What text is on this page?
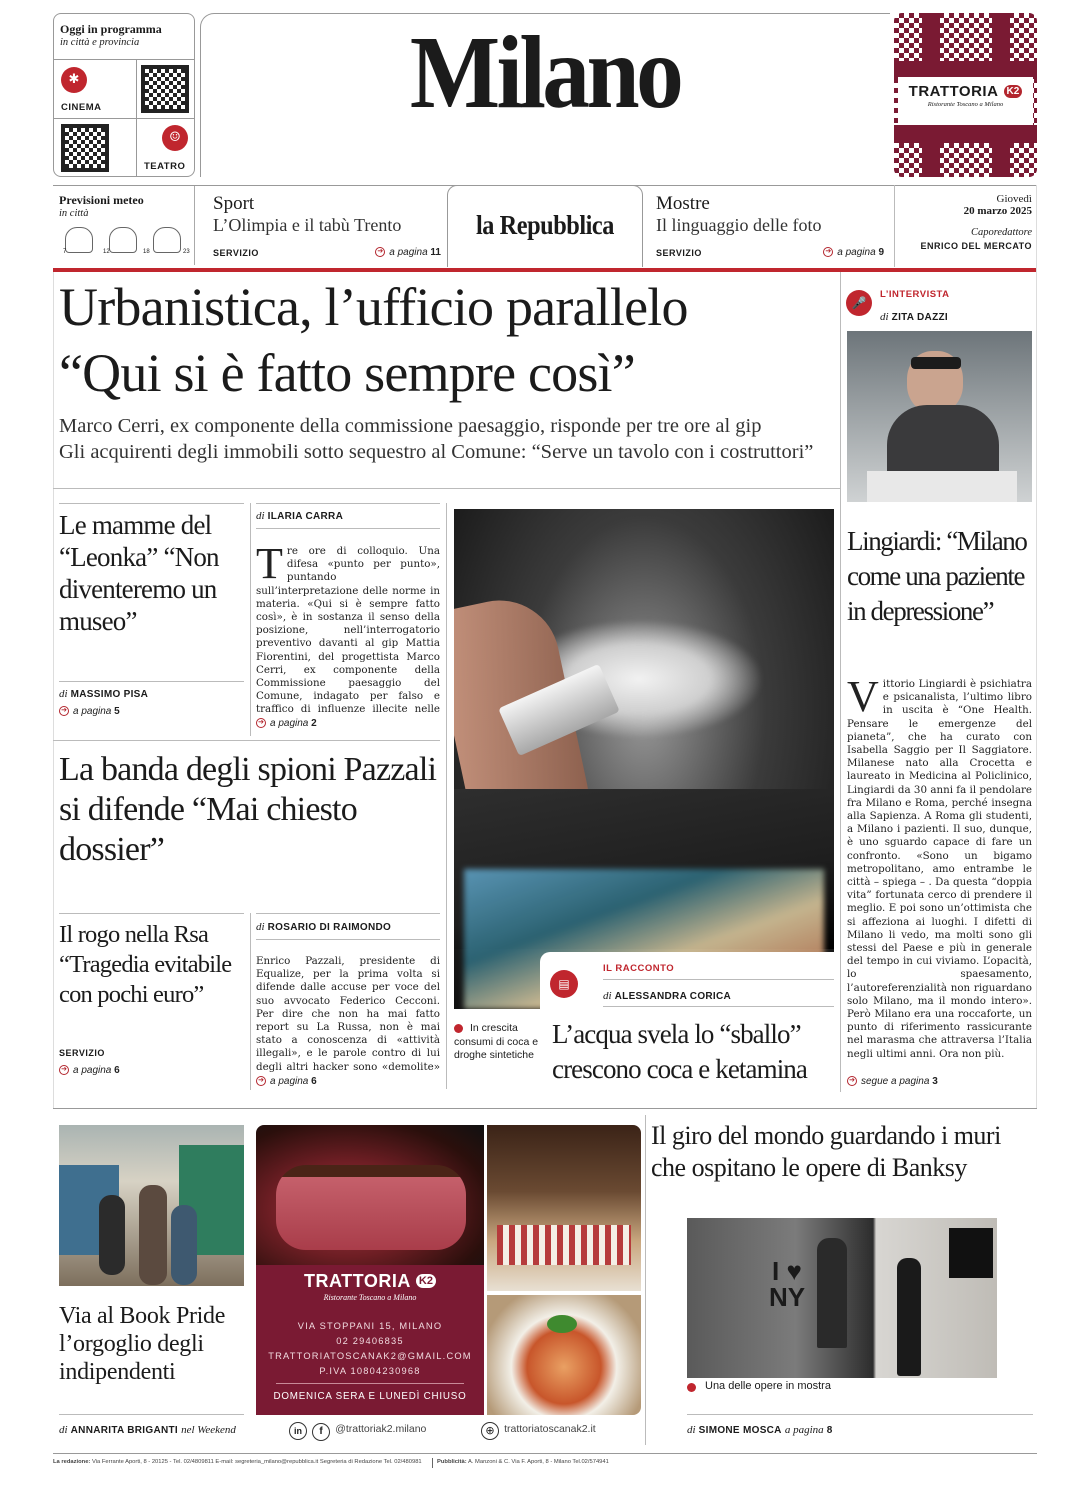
Oggi in programma
in città e provincia
✱
CINEMA
☺
TEATRO
Milano	TRATTORIA K2
Ristorante Toscano a Milano
Previsioni meteo
in città
7	12	18	23
Sport
L’Olimpia e il tabù Trento
SERVIZIO	➔ a pagina 11
la Repubblica
Mostre
Il linguaggio delle foto
SERVIZIO	➔ a pagina 9
Giovedì
20 marzo 2025
Caporedattore
ENRICO DEL MERCATO
Urbanistica, l’ufficio parallelo
“Qui si è fatto sempre così”
Marco Cerri, ex componente della commissione paesaggio, risponde per tre ore al gip
Gli acquirenti degli immobili sotto sequestro al Comune: “Serve un tavolo con i costruttori”
🎤
L’INTERVISTA
di ZITA DAZZI
Lingiardi: “Milano come una paziente in depressione”
Vittorio Lingiardi è psichiatra e psicanalista, l’ultimo libro in uscita è “One Health. Pensare le emergenze del pianeta”, che ha curato con Isabella Saggio per Il Saggiatore. Milanese nato alla Crocetta e laureato in Medicina al Policlinico, Lingiardi da 30 anni fa il pendolare fra Milano e Roma, perché insegna alla Sapienza. A Roma gli studenti, a Milano i pazienti. Il suo, dunque, è uno sguardo capace di fare un confronto. «Sono un bigamo metropolitano, amo entrambe le città – spiega – . Da questa “doppia vita” fortunata cerco di prendere il meglio. E poi sono un’ottimista che si affeziona ai luoghi. I difetti di Milano li vedo, ma molti sono gli stessi del Paese e più in generale del tempo in cui viviamo. L’opacità, lo spaesamento, l’autoreferenzialità non riguardano solo Milano, ma il mondo intero». Però Milano era una roccaforte, un punto di riferimento rassicurante nel marasma che attraversa l’Italia negli ultimi anni. Ora non più.
➔ segue a pagina 3
Le mamme del “Leonka” “Non diventeremo un museo”
di MASSIMO PISA
➔ a pagina 5
di ILARIA CARRA
Tre ore di colloquio. Una difesa «punto per punto», puntando sull’interpretazione delle norme in materia. «Qui si è sempre fatto così», è in sostanza il senso della posizione, nell’interrogatorio preventivo davanti al gip Mattia Fiorentini, del progettista Marco Cerri, ex componente della Commissione paesaggio del Comune, indagato per falso e traffico di influenze illecite nelle
➔ a pagina 2
La banda degli spioni Pazzali si difende “Mai chiesto dossier”
Il rogo nella Rsa “Tragedia evitabile con pochi euro”
SERVIZIO
➔ a pagina 6
di ROSARIO DI RAIMONDO
Enrico Pazzali, presidente di Equalize, per la prima volta si difende dalle accuse per voce del suo avvocato Federico Cecconi. Per dire che non ha mai fatto report su La Russa, non è mai stato a conoscenza di «attività illegali», e le parole contro di lui degli altri hacker sono «demolite»
➔ a pagina 6
▤
IL RACCONTO
di ALESSANDRA CORICA
In crescita consumi di coca e droghe sintetiche
L’acqua svela lo “sballo” crescono coca e ketamina
Via al Book Pride l’orgoglio degli indipendenti
di ANNARITA BRIGANTI nel Weekend
TRATTORIA K2
Ristorante Toscano a Milano
VIA STOPPANI 15, MILANO
02 29406835
TRATTORIATOSCANAK2@GMAIL.COM
P.IVA 10804230968
DOMENICA SERA E LUNEDÌ CHIUSO
in f @trattoriak2.milano	⊕ trattoriatoscanak2.it
Il giro del mondo guardando i muri che ospitano le opere di Banksy
I ♥
NY
Una delle opere in mostra
di SIMONE MOSCA a pagina 8
La redazione: Via Ferrante Aporti, 8 - 20125 - Tel. 02/4809811 E-mail: segreteria_milano@repubblica.it Segreteria di Redazione Tel. 02/480981	Pubblicità: A. Manzoni & C. Via F. Aporti, 8 - Milano Tel.02/574941
